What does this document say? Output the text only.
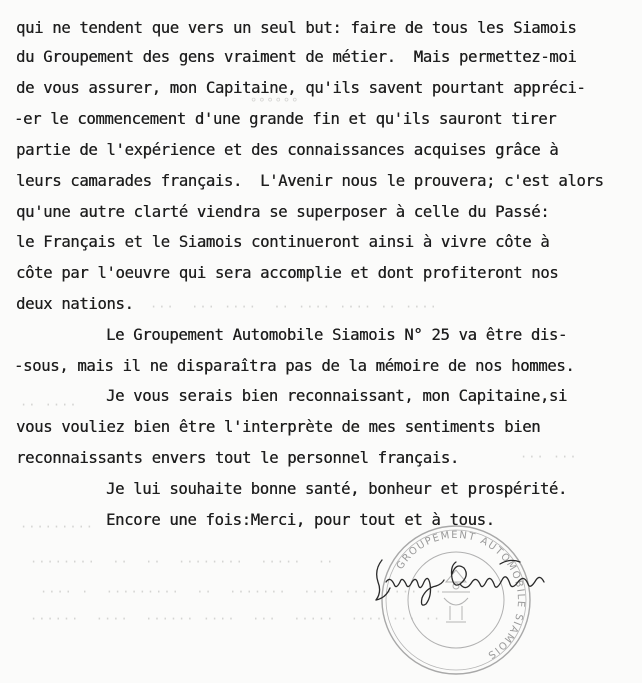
°°°°°°
···  ··· ····  ·· ···· ···· ·· ····
·· ····
··· ···
·········
········  ··  ··  ········  ·····  ··
···· ·  ·········  ··  ·······  ···· ···  ···· ··
······  ····  ······ ····  ···  ·····  ···· ··· ··
qui ne tendent que vers un seul but: faire de tous les Siamois
du Groupement des gens vraiment de métier.  Mais permettez-moi
de vous assurer, mon Capitaine, qu'ils savent pourtant appréci-
-er le commencement d'une grande fin et qu'ils sauront tirer
partie de l'expérience et des connaissances acquises grâce à
leurs camarades français.  L'Avenir nous le prouvera; c'est alors
qu'une autre clarté viendra se superposer à celle du Passé:
le Français et le Siamois continueront ainsi à vivre côte à
côte par l'oeuvre qui sera accomplie et dont profiteront nos
deux nations.
Le Groupement Automobile Siamois N° 25 va être dis-
-sous, mais il ne disparaîtra pas de la mémoire de nos hommes.
Je vous serais bien reconnaissant, mon Capitaine,si
vous vouliez bien être l'interprète de mes sentiments bien
reconnaissants envers tout le personnel français.
Je lui souhaite bonne santé, bonheur et prospérité.
Encore une fois:Merci, pour tout et à tous.
GROUPEMENT AUTOMOBILE SIAMOIS
